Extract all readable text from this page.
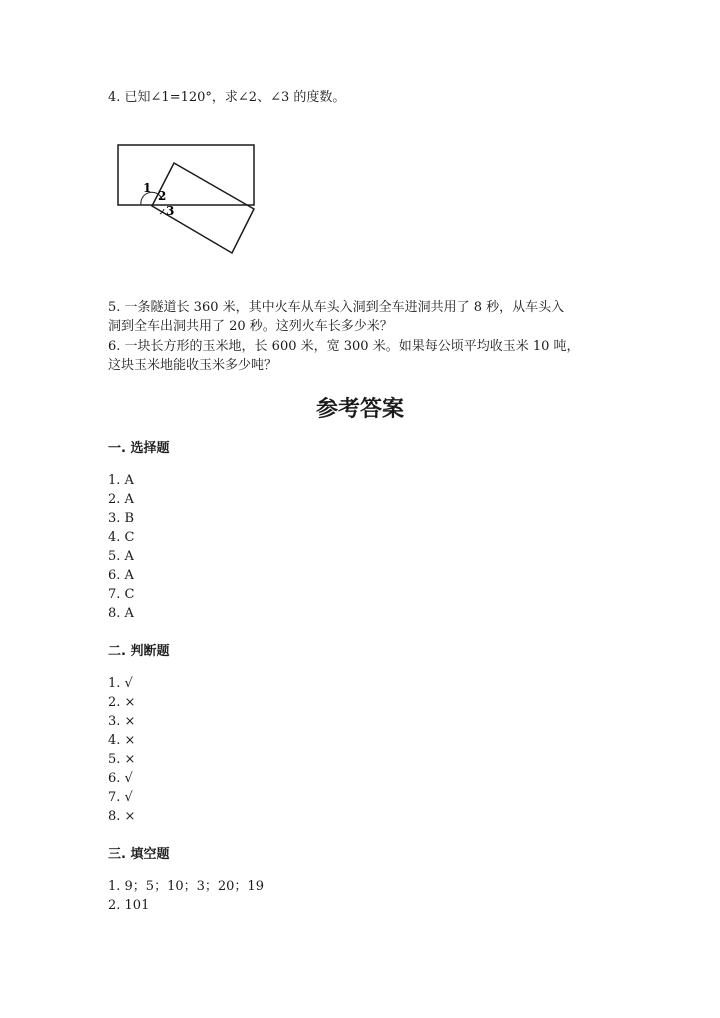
4. 已知∠1=120°，求∠2、∠3 的度数。
1
2
3
5. 一条隧道长 360 米，其中火车从车头入洞到全车进洞共用了 8 秒，从车头入
洞到全车出洞共用了 20 秒。这列火车长多少米？
6. 一块长方形的玉米地，长 600 米，宽 300 米。如果每公顷平均收玉米 10 吨，
这块玉米地能收玉米多少吨？
参考答案
一. 选择题
1. A
2. A
3. B
4. C
5. A
6. A
7. C
8. A
二. 判断题
1. √
2. ×
3. ×
4. ×
5. ×
6. √
7. √
8. ×
三. 填空题
1. 9；5；10；3；20；19
2. 101
